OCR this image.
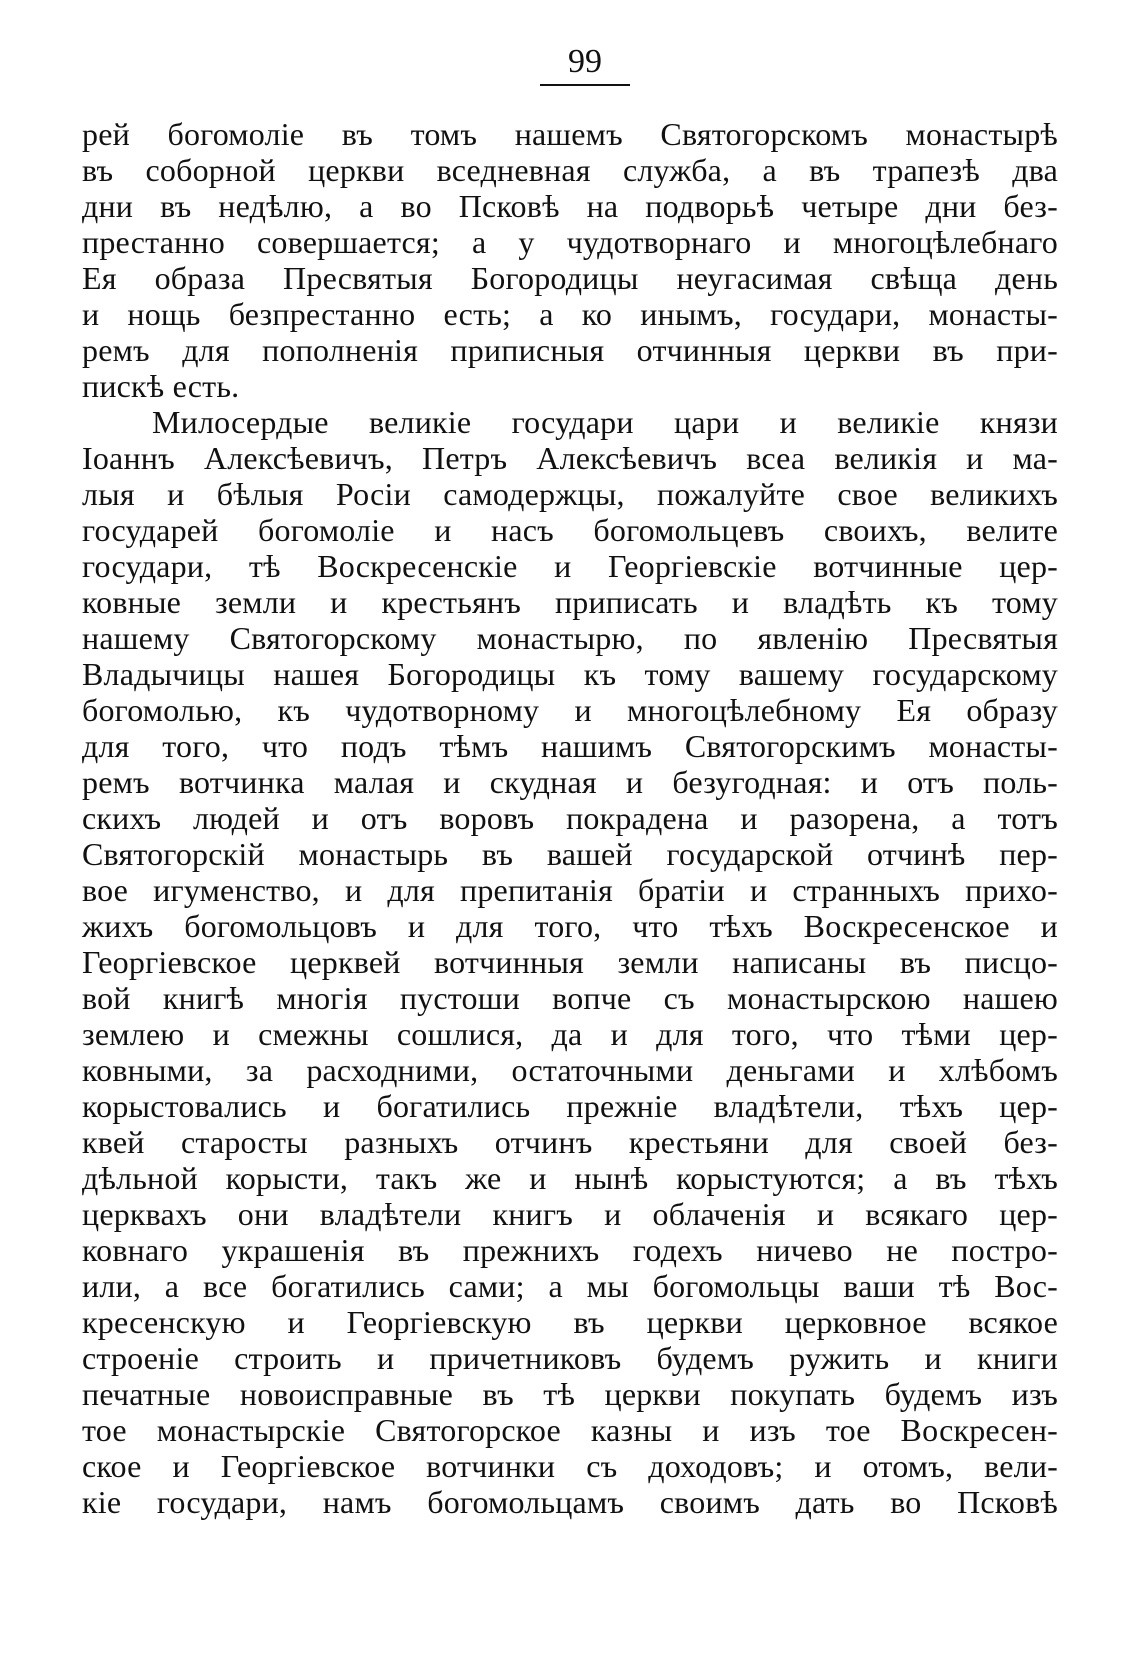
99
рей богомоліе въ томъ нашемъ Святогорскомъ монастырѣ
въ соборной церкви вседневная служба, а въ трапезѣ два
дни въ недѣлю, а во Псковѣ на подворьѣ четыре дни без-
престанно совершается; а у чудотворнаго и многоцѣлебнаго
Ея образа Пресвятыя Богородицы неугасимая свѣща день
и нощь безпрестанно есть; а ко инымъ, государи, монасты-
ремъ для пополненія приписныя отчинныя церкви въ при-
пискѣ есть.
Милосердые великіе государи цари и великіе князи
Іоаннъ Алексѣевичъ, Петръ Алексѣевичъ всеа великія и ма-
лыя и бѣлыя Росіи самодержцы, пожалуйте свое великихъ
государей богомоліе и насъ богомольцевъ своихъ, велите
государи, тѣ Воскресенскіе и Георгіевскіе вотчинные цер-
ковные земли и крестьянъ приписать и владѣть къ тому
нашему Святогорскому монастырю, по явленію Пресвятыя
Владычицы нашея Богородицы къ тому вашему государскому
богомолью, къ чудотворному и многоцѣлебному Ея образу
для того, что подъ тѣмъ нашимъ Святогорскимъ монасты-
ремъ вотчинка малая и скудная и безугодная: и отъ поль-
скихъ людей и отъ воровъ покрадена и разорена, а тотъ
Святогорскій монастырь въ вашей государской отчинѣ пер-
вое игуменство, и для препитанія братіи и странныхъ прихо-
жихъ богомольцовъ и для того, что тѣхъ Воскресенское и
Георгіевское церквей вотчинныя земли написаны въ писцо-
вой книгѣ многія пустоши вопче съ монастырскою нашею
землею и смежны сошлися, да и для того, что тѣми цер-
ковными, за расходними, остаточными деньгами и хлѣбомъ
корыстовались и богатились прежніе владѣтели, тѣхъ цер-
квей старосты разныхъ отчинъ крестьяни для своей без-
дѣльной корысти, такъ же и нынѣ корыстуются; а въ тѣхъ
церквахъ они владѣтели книгъ и облаченія и всякаго цер-
ковнаго украшенія въ прежнихъ годехъ ничево не постро-
или, а все богатились сами; а мы богомольцы ваши тѣ Вос-
кресенскую и Георгіевскую въ церкви церковное всякое
строеніе строить и причетниковъ будемъ ружить и книги
печатные новоисправные въ тѣ церкви покупать будемъ изъ
тое монастырскіе Святогорское казны и изъ тое Воскресен-
ское и Георгіевское вотчинки съ доходовъ; и отомъ, вели-
кіе государи, намъ богомольцамъ своимъ дать во Псковѣ
